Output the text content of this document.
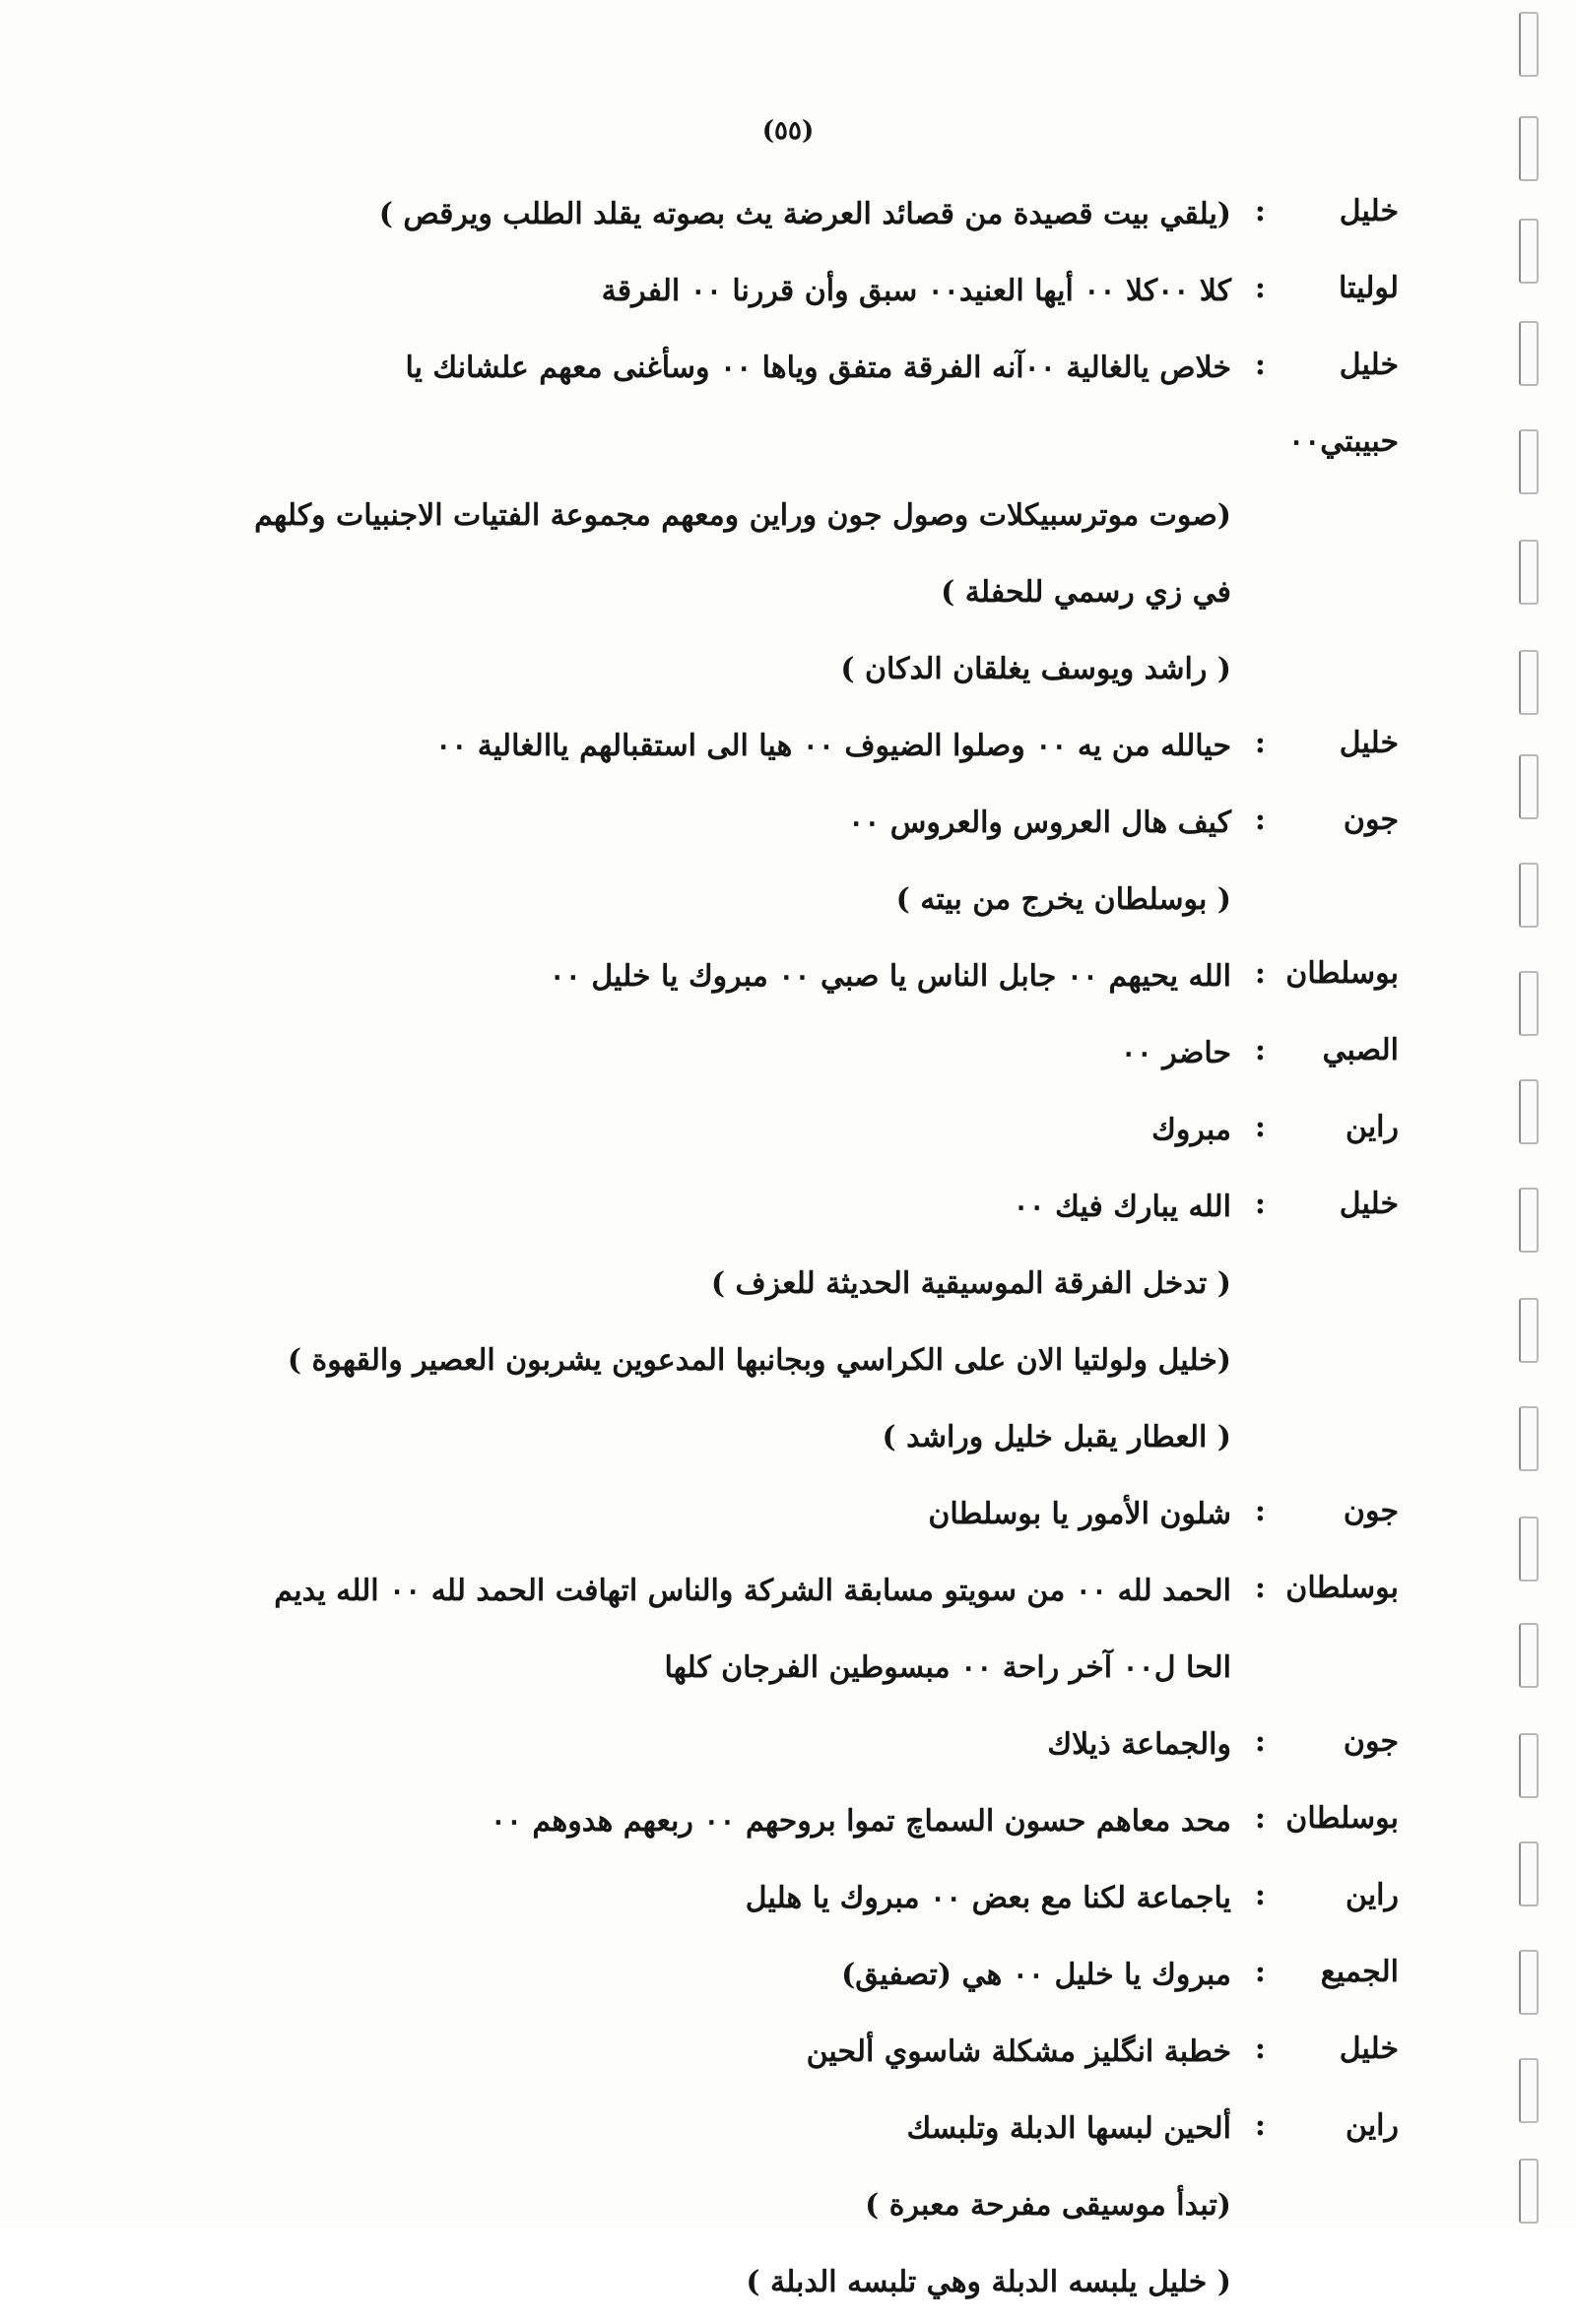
(٥٥)
خليل
:
(يلقي بيت قصيدة من قصائد العرضة يث بصوته يقلد الطلب ويرقص )
لوليتا
:
كلا ٠٠كلا ٠٠ أيها العنيد٠٠ سبق وأن قررنا ٠٠ الفرقة
خليل
:
خلاص يالغالية ٠٠آنه الفرقة متفق وياها ٠٠ وسأغنى معهم علشانك يا
حبيبتي٠٠
(صوت موترسبيكلات وصول جون وراين ومعهم مجموعة الفتيات الاجنبيات وكلهم
في زي رسمي للحفلة )
( راشد ويوسف يغلقان الدكان )
خليل
:
حيالله من يه ٠٠ وصلوا الضيوف ٠٠ هيا الى استقبالهم ياالغالية ٠٠
جون
:
كيف هال العروس والعروس ٠٠
( بوسلطان يخرج من بيته )
بوسلطان
:
الله يحيهم ٠٠ جابل الناس يا صبي ٠٠ مبروك يا خليل ٠٠
الصبي
:
حاضر ٠٠
راين
:
مبروك
خليل
:
الله يبارك فيك ٠٠
( تدخل الفرقة الموسيقية الحديثة للعزف )
(خليل ولولتيا الان على الكراسي وبجانبها المدعوين يشربون العصير والقهوة )
( العطار يقبل خليل وراشد )
جون
:
شلون الأمور يا بوسلطان
بوسلطان
:
الحمد لله ٠٠ من سويتو مسابقة الشركة والناس اتهافت الحمد لله ٠٠ الله يديم
الحا ل٠٠ آخر راحة ٠٠ مبسوطين الفرجان كلها
جون
:
والجماعة ذيلاك
بوسلطان
:
محد معاهم حسون السماچ تموا بروحهم ٠٠ ربعهم هدوهم ٠٠
راين
:
ياجماعة لكنا مع بعض ٠٠ مبروك يا هليل
الجميع
:
مبروك يا خليل ٠٠ هي (تصفيق)
خليل
:
خطبة انگليز مشكلة شاسوي ألحين
راين
:
ألحين لبسها الدبلة وتلبسك
(تبدأ موسيقى مفرحة معبرة )
( خليل يلبسه الدبلة وهي تلبسه الدبلة )
